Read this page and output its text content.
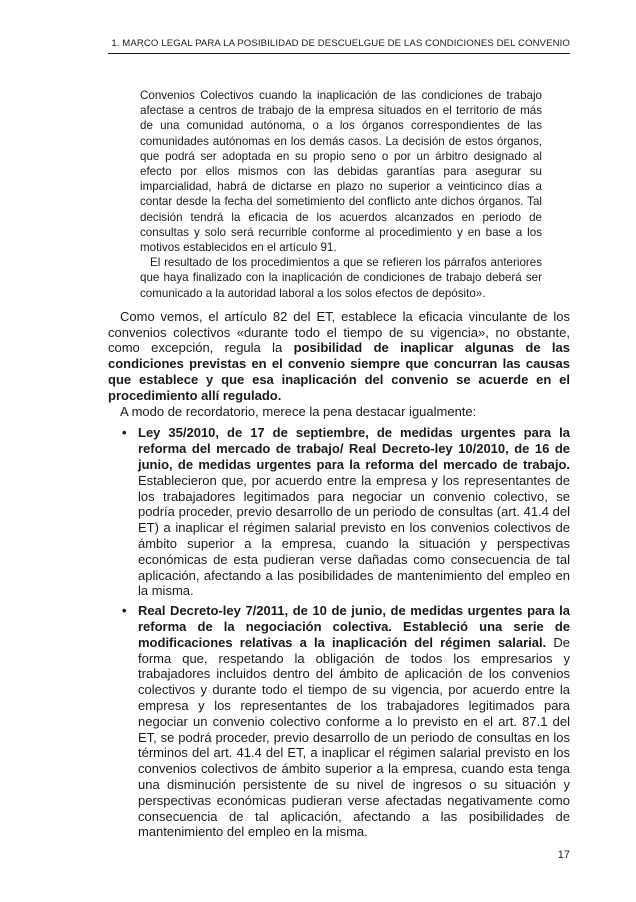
1. MARCO LEGAL PARA LA POSIBILIDAD DE DESCUELGUE DE LAS CONDICIONES DEL CONVENIO

Convenios Colectivos cuando la inaplicación de las condiciones de trabajo afectase a centros de trabajo de la empresa situados en el territorio de más de una comunidad autónoma, o a los órganos correspondientes de las comunidades autónomas en los demás casos. La decisión de estos órganos, que podrá ser adoptada en su propio seno o por un árbitro designado al efecto por ellos mismos con las debidas garantías para asegurar su imparcialidad, habrá de dictarse en plazo no superior a veinticinco días a contar desde la fecha del sometimiento del conflicto ante dichos órganos. Tal decisión tendrá la eficacia de los acuerdos alcanzados en periodo de consultas y solo será recurrible conforme al procedimiento y en base a los motivos establecidos en el artículo 91.

El resultado de los procedimientos a que se refieren los párrafos anteriores que haya finalizado con la inaplicación de condiciones de trabajo deberá ser comunicado a la autoridad laboral a los solos efectos de depósito».

Como vemos, el artículo 82 del ET, establece la eficacia vinculante de los convenios colectivos «durante todo el tiempo de su vigencia», no obstante, como excepción, regula la posibilidad de inaplicar algunas de las condiciones previstas en el convenio siempre que concurran las causas que establece y que esa inaplicación del convenio se acuerde en el procedimiento allí regulado.

A modo de recordatorio, merece la pena destacar igualmente:

• Ley 35/2010, de 17 de septiembre, de medidas urgentes para la reforma del mercado de trabajo/ Real Decreto-ley 10/2010, de 16 de junio, de medidas urgentes para la reforma del mercado de trabajo. Establecieron que, por acuerdo entre la empresa y los representantes de los trabajadores legitimados para negociar un convenio colectivo, se podría proceder, previo desarrollo de un periodo de consultas (art. 41.4 del ET) a inaplicar el régimen salarial previsto en los convenios colectivos de ámbito superior a la empresa, cuando la situación y perspectivas económicas de esta pudieran verse dañadas como consecuencia de tal aplicación, afectando a las posibilidades de mantenimiento del empleo en la misma.
• Real Decreto-ley 7/2011, de 10 de junio, de medidas urgentes para la reforma de la negociación colectiva. Estableció una serie de modificaciones relativas a la inaplicación del régimen salarial. De forma que, respetando la obligación de todos los empresarios y trabajadores incluidos dentro del ámbito de aplicación de los convenios colectivos y durante todo el tiempo de su vigencia, por acuerdo entre la empresa y los representantes de los trabajadores legitimados para negociar un convenio colectivo conforme a lo previsto en el art. 87.1 del ET, se podrá proceder, previo desarrollo de un periodo de consultas en los términos del art. 41.4 del ET, a inaplicar el régimen salarial previsto en los convenios colectivos de ámbito superior a la empresa, cuando esta tenga una disminución persistente de su nivel de ingresos o su situación y perspectivas económicas pudieran verse afectadas negativamente como consecuencia de tal aplicación, afectando a las posibilidades de mantenimiento del empleo en la misma.
17
